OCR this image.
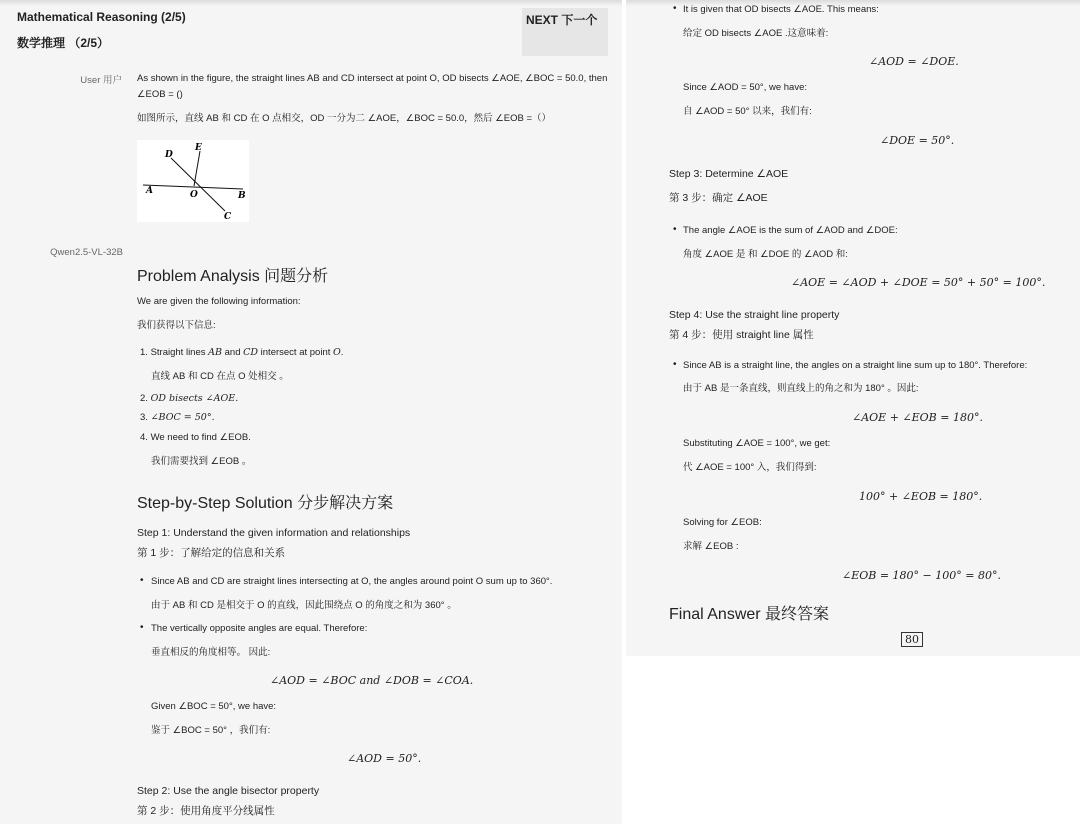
Mathematical Reasoning (2/5)
数学推理 （2/5）
NEXT 下一个
User 用户 As shown in the figure, the straight lines AB and CD intersect at point O, OD bisects ∠AOE, ∠BOC = 50.0, then
∠EOB = ()
如图所示，直线 AB 和 CD 在 O 点相交，OD 一分为二 ∠AOE，∠BOC = 50.0，然后 ∠EOB =（）
A	B
C
D
E
O
Qwen2.5-VL-32B
Problem Analysis 问题分析
We are given the following information:
我们获得以下信息:
1. Straight lines AB and CD intersect at point O.
直线 AB 和 CD 在点 O 处相交 。
2. OD bisects ∠AOE.
3. ∠BOC = 50°.
4. We need to find ∠EOB.
我们需要找到 ∠EOB 。
Step-by-Step Solution 分步解决方案
Step 1: Understand the given information and relationships
第 1 步：了解给定的信息和关系
• Since AB and CD are straight lines intersecting at O, the angles around point O sum up to 360°.
由于 AB 和 CD 是相交于 O 的直线，因此围绕点 O 的角度之和为 360° 。
• The vertically opposite angles are equal. Therefore:
垂直相反的角度相等。 因此:
∠AOD = ∠BOC and ∠DOB = ∠COA.
Given ∠BOC = 50°, we have:
鉴于 ∠BOC = 50° ，我们有:
∠AOD = 50°.
Step 2: Use the angle bisector property
第 2 步：使用角度平分线属性
• It is given that OD bisects ∠AOE. This means:
给定 OD bisects ∠AOE .这意味着:
∠AOD = ∠DOE.
Since ∠AOD = 50°, we have:
自 ∠AOD = 50° 以来，我们有:
∠DOE = 50°.
Step 3: Determine ∠AOE
第 3 步：确定 ∠AOE
• The angle ∠AOE is the sum of ∠AOD and ∠DOE:
角度 ∠AOE 是 和 ∠DOE 的 ∠AOD 和:
∠AOE = ∠AOD + ∠DOE = 50° + 50° = 100°.
Step 4: Use the straight line property
第 4 步：使用 straight line 属性
• Since AB is a straight line, the angles on a straight line sum up to 180°. Therefore:
由于 AB 是一条直线，则直线上的角之和为 180° 。因此:
∠AOE + ∠EOB = 180°.
Substituting ∠AOE = 100°, we get:
代 ∠AOE = 100° 入，我们得到:
100° + ∠EOB = 180°.
Solving for ∠EOB:
求解 ∠EOB :
∠EOB = 180° − 100° = 80°.
Final Answer 最终答案
80
